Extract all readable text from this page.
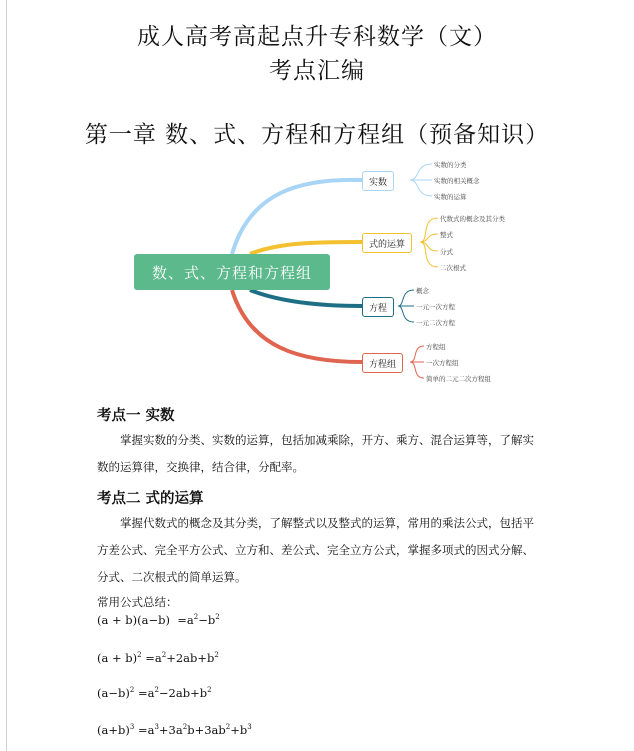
成人高考高起点升专科数学（文）
考点汇编
第一章 数、式、方程和方程组（预备知识）
数、式、方程和方程组
实数
实数的分类
实数的相关概念
实数的运算
式的运算
代数式的概念及其分类
整式
分式
二次根式
方程
概念
一元一次方程
一元二次方程
方程组
方程组
一次方程组
简单的二元二次方程组
考点一 实数
掌握实数的分类、实数的运算，包括加减乘除，开方、乘方、混合运算等，了解实数的运算律，交换律，结合律，分配率。
考点二 式的运算
掌握代数式的概念及其分类，了解整式以及整式的运算，常用的乘法公式，包括平方差公式、完全平方公式、立方和、差公式、完全立方公式，掌握多项式的因式分解、分式、二次根式的简单运算。
常用公式总结：
$(a + b)(a-b) =a^2-b^2$
$(a + b)^2 =a^2+2ab+b^2$
$(a-b)^2 =a^2-2ab+b^2$
$(a+b)^3 =a^3+3a^2b+3ab^2+b^3$
